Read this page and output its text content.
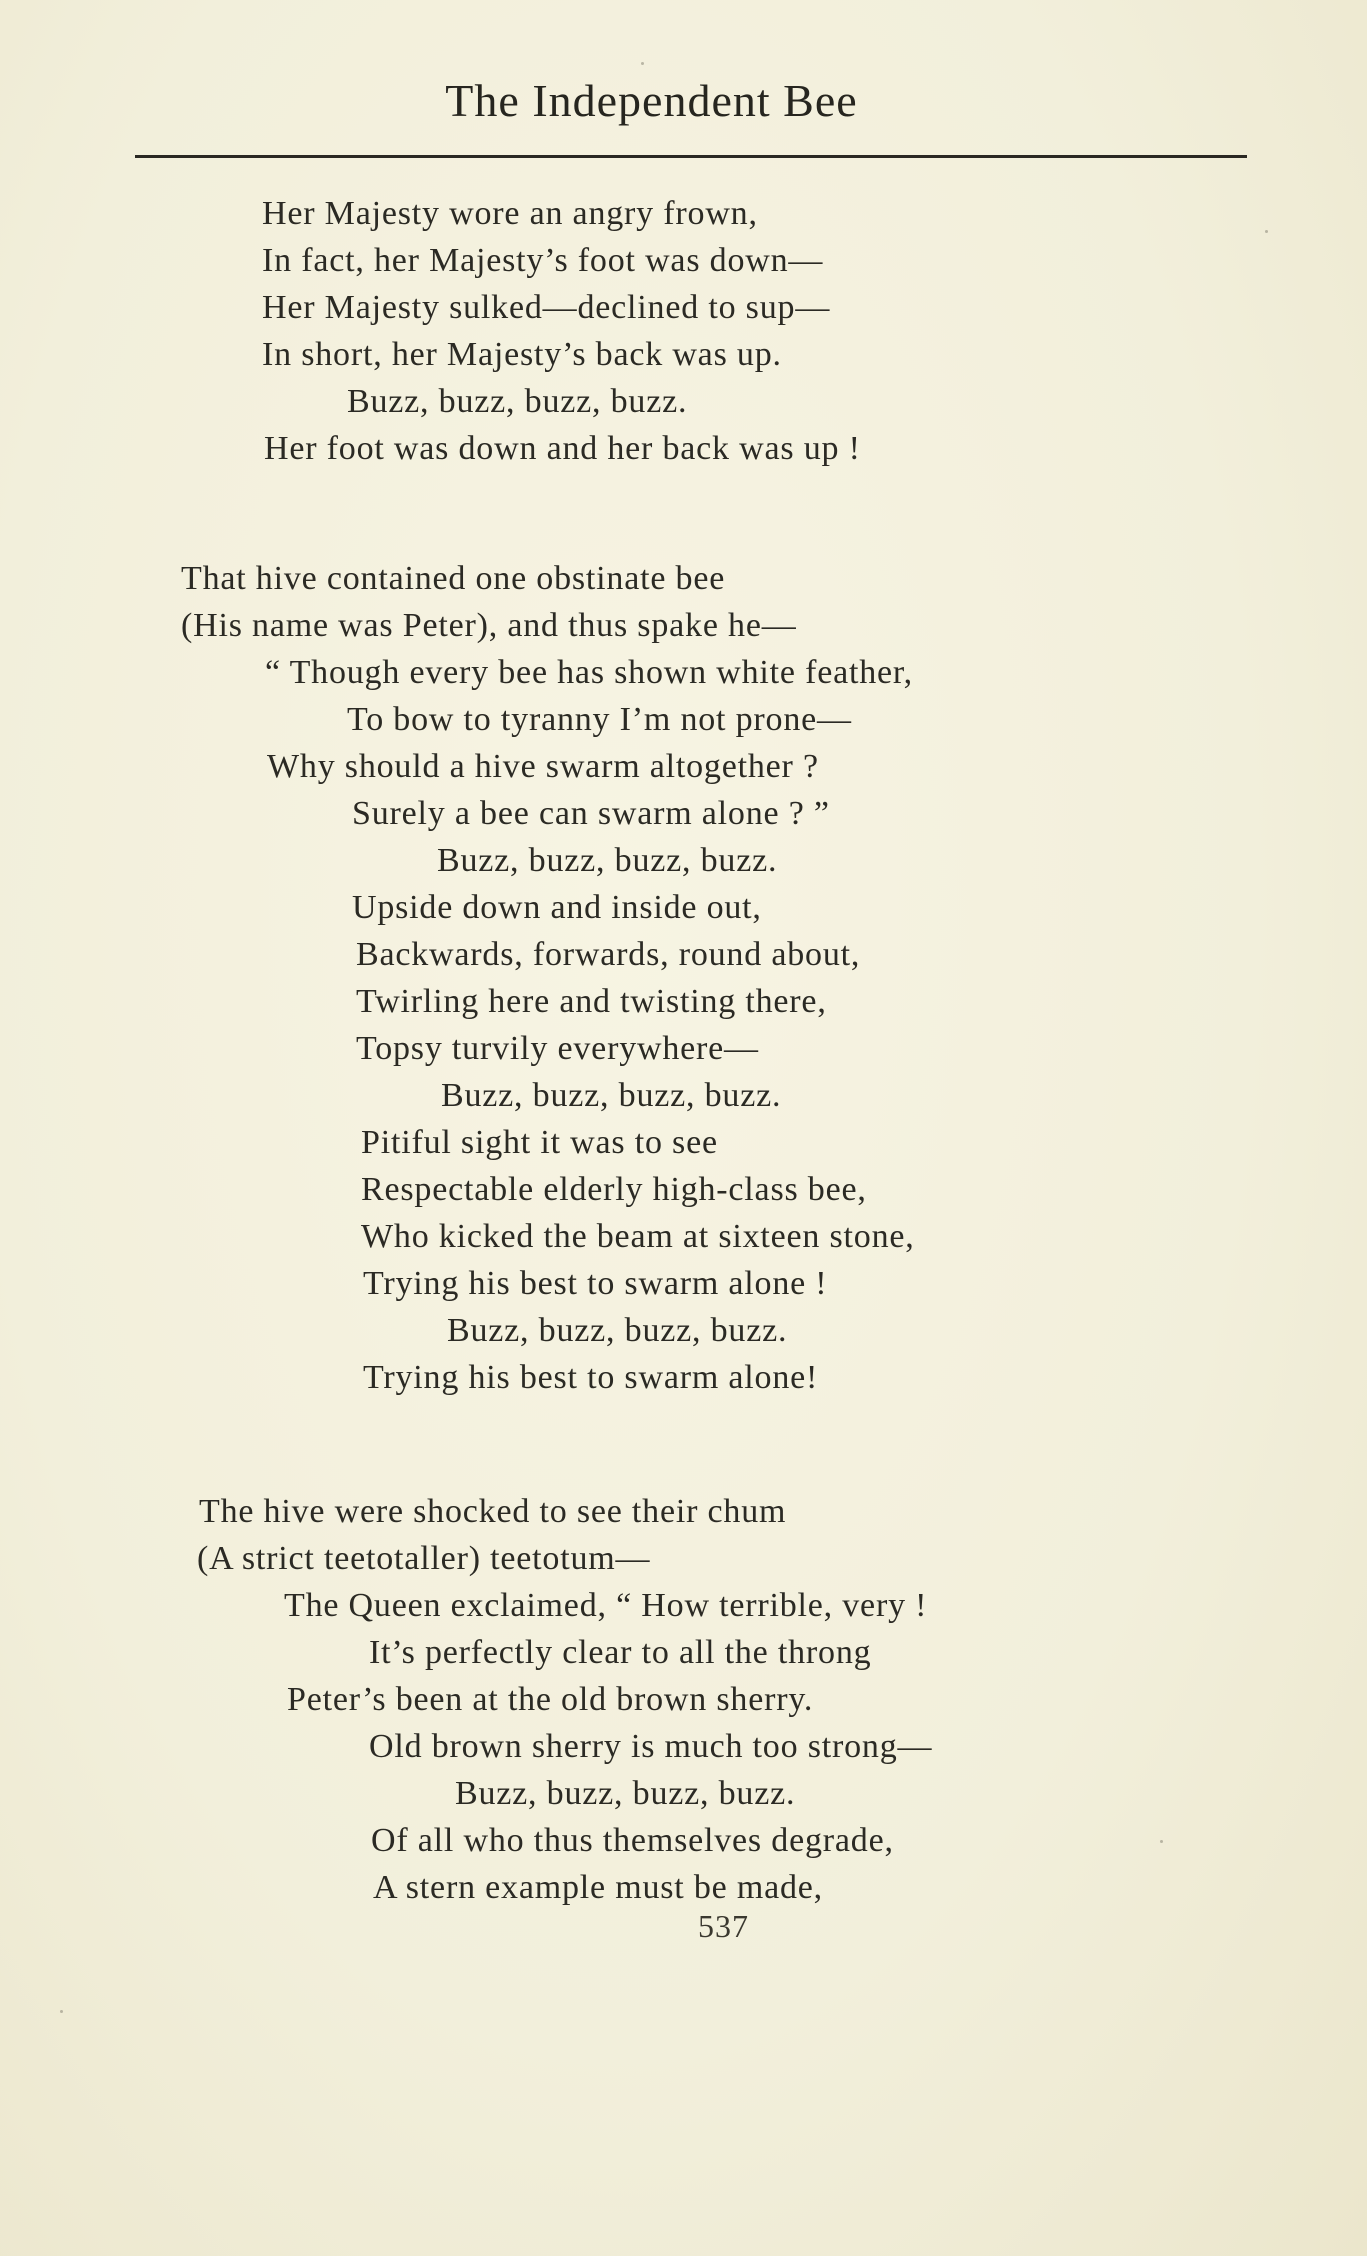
The Independent Bee
Her Majesty wore an angry frown,
In fact, her Majesty’s foot was down—
Her Majesty sulked—declined to sup—
In short, her Majesty’s back was up.
Buzz, buzz, buzz, buzz.
Her foot was down and her back was up !
That hive contained one obstinate bee
(His name was Peter), and thus spake he—
“ Though every bee has shown white feather,
To bow to tyranny I’m not prone—
Why should a hive swarm altogether ?
Surely a bee can swarm alone ? ”
Buzz, buzz, buzz, buzz.
Upside down and inside out,
Backwards, forwards, round about,
Twirling here and twisting there,
Topsy turvily everywhere—
Buzz, buzz, buzz, buzz.
Pitiful sight it was to see
Respectable elderly high-class bee,
Who kicked the beam at sixteen stone,
Trying his best to swarm alone !
Buzz, buzz, buzz, buzz.
Trying his best to swarm alone!
The hive were shocked to see their chum
(A strict teetotaller) teetotum—
The Queen exclaimed, “ How terrible, very !
It’s perfectly clear to all the throng
Peter’s been at the old brown sherry.
Old brown sherry is much too strong—
Buzz, buzz, buzz, buzz.
Of all who thus themselves degrade,
A stern example must be made,
537
